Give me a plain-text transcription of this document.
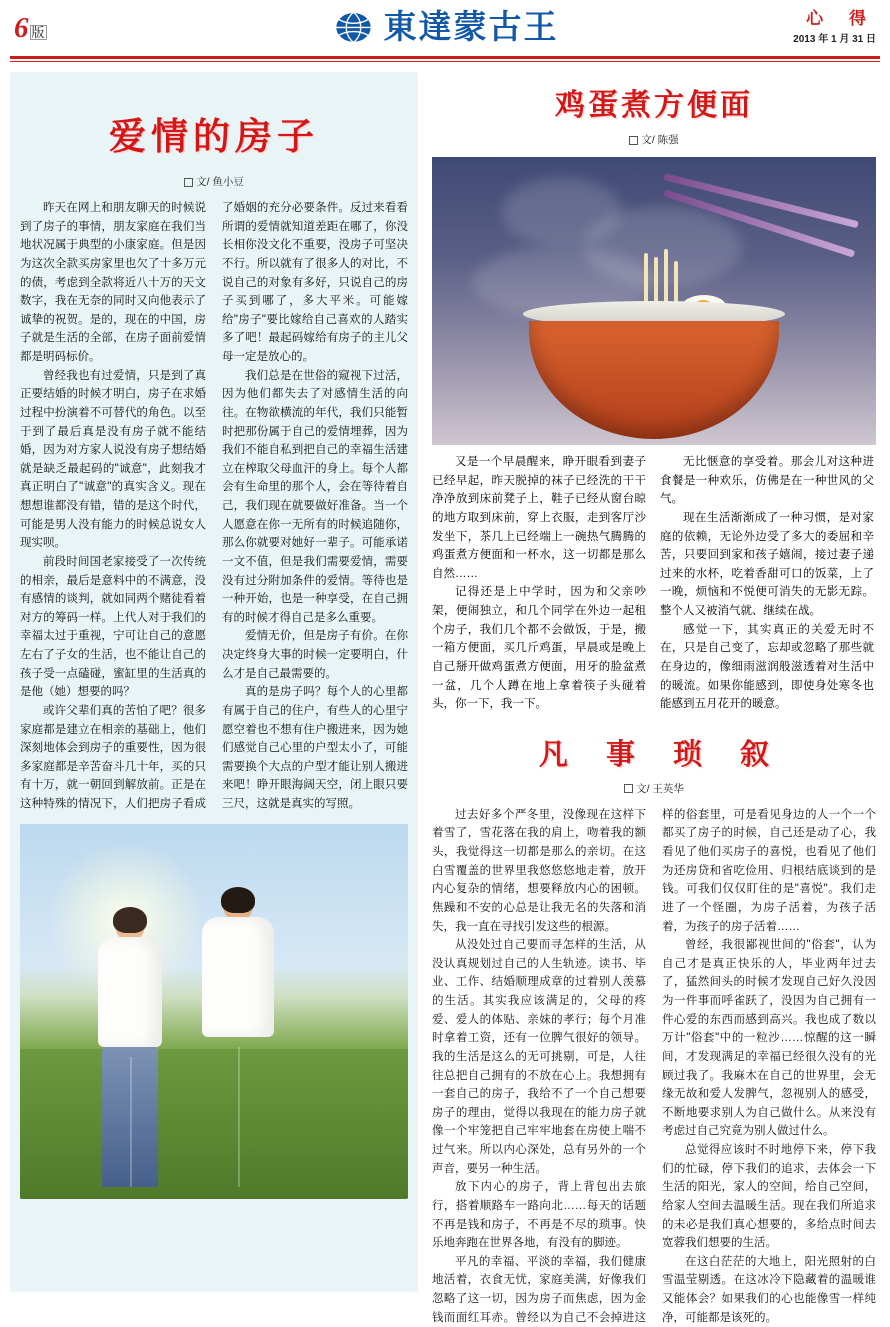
6 版	東達蒙古王	心 得
2013 年 1 月 31 日
爱情的房子
文/ 鱼小豆

昨天在网上和朋友聊天的时候说到了房子的事情，朋友家庭在我们当地状况属于典型的小康家庭。但是因为这次全款买房家里也欠了十多万元的债，考虑到全款将近八十万的天文数字，我在无奈的同时又向他表示了诚挚的祝贺。是的，现在的中国，房子就是生活的全部，在房子面前爱情都是明码标价。

曾经我也有过爱情，只是到了真正要结婚的时候才明白，房子在求婚过程中扮演着不可替代的角色。以至于到了最后真是没有房子就不能结婚，因为对方家人说没有房子想结婚就是缺乏最起码的"诚意"，此刻我才真正明白了"诚意"的真实含义。现在想想谁都没有错，错的是这个时代，可能是男人没有能力的时候总说女人现实呗。

前段时间国老家接受了一次传统的相亲，最后是意料中的不满意，没有感情的谈判，就如同两个赌徒看着对方的筹码一样。上代人对于我们的幸福太过于重视，宁可让自己的意愿左右了子女的生活，也不能让自己的孩子受一点磕碰，蜜缸里的生活真的是他（她）想要的吗？

或许父辈们真的苦怕了吧？很多家庭都是建立在相亲的基础上，他们深刻地体会到房子的重要性，因为很多家庭都是辛苦奋斗几十年，买的只有十万，就一朝回到解放前。正是在这种特殊的情况下，人们把房子看成了婚姻的充分必要条件。反过来看看所谓的爱情就知道差距在哪了，你没长相你没文化不重要，没房子可坚决不行。所以就有了很多人的对比，不说自己的对象有多好，只说自己的房子买到哪了，多大平米。可能嫁给"房子"要比嫁给自己喜欢的人踏实多了吧！最起码嫁给有房子的主儿父母一定是放心的。

我们总是在世俗的窥视下过活，因为他们都失去了对感情生活的向往。在物欲横流的年代，我们只能暂时把那份属于自己的爱情埋葬，因为我们不能自私到把自己的幸福生活建立在榨取父母血汗的身上。每个人都会有生命里的那个人，会在等待着自己，我们现在就要做好准备。当一个人愿意在你一无所有的时候追随你，那么你就要对她好一辈子。可能承诺一文不值，但是我们需要爱情，需要没有过分附加条件的爱情。等待也是一种开始，也是一种享受，在自己拥有的时候才得自己是多么重要。

爱情无价，但是房子有价。在你决定终身大事的时候一定要明白，什么才是自己最需要的。

真的是房子吗？每个人的心里都有属于自己的住户，有些人的心里宁愿空着也不想有住户搬进来，因为她们感觉自己心里的户型太小了，可能需要换个大点的户型才能让别人搬进来吧！睁开眼海阔天空，闭上眼只要三尺，这就是真实的写照。

鸡蛋煮方便面
文/ 陈强

又是一个早晨醒来，睁开眼看到妻子已经早起，昨天脱掉的袜子已经洗的干干净净放到床前凳子上，鞋子已经从窗台晾的地方取到床前，穿上衣服，走到客厅沙发坐下，茶几上已经端上一碗热气腾腾的鸡蛋煮方便面和一杯水，这一切都是那么自然……

记得还是上中学时，因为和父亲吵架，便闹独立，和几个同学在外边一起租个房子，我们几个都不会做饭，于是，搬一箱方便面，买几斤鸡蛋，早晨或是晚上自己掰开做鸡蛋煮方便面，用牙的脸盆煮一盆，几个人蹲在地上拿着筷子头碰着头，你一下，我一下。

无比惬意的享受着。那会儿对这种进食餐是一种欢乐，仿佛是在一种世风的父气。

现在生活渐渐成了一种习惯，是对家庭的依赖，无论外边受了多大的委屈和辛苦，只要回到家和孩子嬉闹，接过妻子递过来的水杯，吃着香甜可口的饭菜，上了一晚，烦恼和不悦便可消失的无影无踪。整个人又被消气就、继续在战。

感觉一下，其实真正的关爱无时不在，只是自己变了，忘却或忽略了那些就在身边的，像细雨滋润般滋透着对生活中的暖流。如果你能感到，即使身处寒冬也能感到五月花开的暖意。

凡 事 琐 叙
文/ 王英华

过去好多个严冬里，没像现在这样下着雪了，雪花落在我的肩上，吻着我的额头，我觉得这一切都是那么的亲切。在这白雪覆盖的世界里我悠悠悠地走着，放开内心复杂的情绪，想要释放内心的困顿。焦躁和不安的心总是让我无名的失落和消失，我一直在寻找引发这些的根源。

从没处过自己要而寻怎样的生活，从没认真规划过自己的人生轨迹。读书、毕业、工作、结婚顺理成章的过着别人羡慕的生活。其实我应该满足的，父母的疼爱、爱人的体贴、亲妹的孝行；每个月准时拿着工资，还有一位脾气很好的领导。我的生活是这么的无可挑剔，可是，人往往总把自己拥有的不放在心上。我想拥有一套自己的房子，我给不了一个自己想要房子的理由，觉得以我现在的能力房子就像一个牢笼把自己牢牢地套在房使上喘不过气来。所以内心深处，总有另外的一个声音，要另一种生活。

放下内心的房子，背上背包出去旅行，搭着顺路车一路向北……每天的话题不再是钱和房子，不再是不尽的琐事。快乐地奔跑在世界各地，有没有的脚迹。

平凡的幸福、平淡的幸福，我们健康地活着，衣食无忧，家庭美满，好像我们忽略了这一切，因为房子而焦虑，因为金钱而面红耳赤。曾经以为自己不会掉进这样的俗套里，可是看见身边的人一个一个都买了房子的时候，自己还是动了心，我看见了他们买房子的喜悦，也看见了他们为还房贷和省吃俭用、归根结底谈到的是钱。可我们仅仅盯住的是"喜悦"。我们走进了一个怪圈，为房子活着，为孩子活着，为孩子的房子活着……

曾经，我很鄙视世间的"俗套"，认为自己才是真正快乐的人，毕业两年过去了，猛然间头的时候才发现自己好久没因为一件事而呼雀跃了，没因为自己拥有一件心爱的东西而感到高兴。我也成了数以万计"俗套"中的一粒沙……惊醒的这一瞬间，才发现满足的幸福已经很久没有的光顾过我了。我麻木在自己的世界里，会无缘无故和爱人发脾气，忽视别人的感受，不断地要求别人为自己做什么。从来没有考虑过自己究竟为别人做过什么。

总觉得应该时不时地停下来，停下我们的忙碌，停下我们的追求，去体会一下生活的阳光，家人的空间，给自己空间，给家人空间去温暖生活。现在我们所追求的未必是我们真心想要的，多给点时间去宽蓉我们想要的生活。

在这白茫茫的大地上，阳光照射的白雪温莹剔透。在这冰冷下隐藏着的温暖谁又能体会？如果我们的心也能像雪一样纯净，可能都是该死的。
